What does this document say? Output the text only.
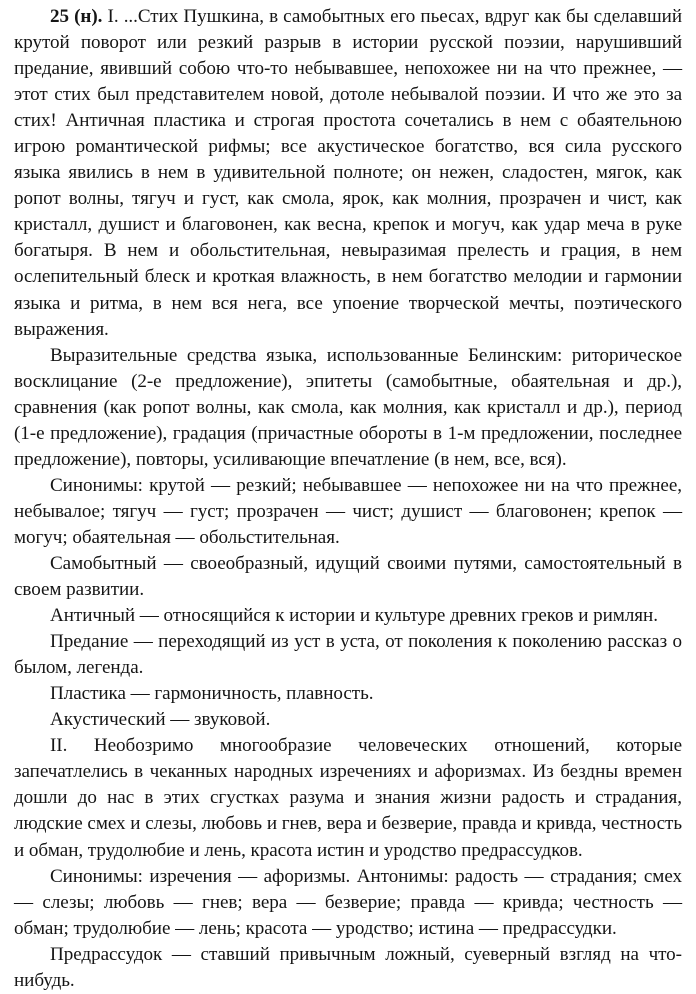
25 (н). I. ...Стих Пушкина, в самобытных его пьесах, вдруг как бы сделавший крутой поворот или резкий разрыв в истории русской поэзии, нарушивший предание, явивший собою что-то небывавшее, непохожее ни на что прежнее, — этот стих был представителем новой, дотоле небывалой поэзии. И что же это за стих! Античная пластика и строгая простота сочетались в нем с обаятельною игрою романтической рифмы; все акустическое богатство, вся сила русского языка явились в нем в удивительной полноте; он нежен, сладостен, мягок, как ропот волны, тягуч и густ, как смола, ярок, как молния, прозрачен и чист, как кристалл, душист и благовонен, как весна, крепок и могуч, как удар меча в руке богатыря. В нем и обольстительная, невыразимая прелесть и грация, в нем ослепительный блеск и кроткая влажность, в нем богатство мелодии и гармонии языка и ритма, в нем вся нега, все упоение творческой мечты, поэтического выражения.

Выразительные средства языка, использованные Белинским: риторическое восклицание (2-е предложение), эпитеты (самобытные, обаятельная и др.), сравнения (как ропот волны, как смола, как молния, как кристалл и др.), период (1-е предложение), градация (причастные обороты в 1-м предложении, последнее предложение), повторы, усиливающие впечатление (в нем, все, вся).

Синонимы: крутой — резкий; небывавшее — непохожее ни на что прежнее, небывалое; тягуч — густ; прозрачен — чист; душист — благовонен; крепок — могуч; обаятельная — обольстительная.

Самобытный — своеобразный, идущий своими путями, самостоятельный в своем развитии.

Античный — относящийся к истории и культуре древних греков и римлян.

Предание — переходящий из уст в уста, от поколения к поколению рассказ о былом, легенда.

Пластика — гармоничность, плавность.

Акустический — звуковой.

II. Необозримо многообразие человеческих отношений, которые запечатлелись в чеканных народных изречениях и афоризмах. Из бездны времен дошли до нас в этих сгустках разума и знания жизни радость и страдания, людские смех и слезы, любовь и гнев, вера и безверие, правда и кривда, честность и обман, трудолюбие и лень, красота истин и уродство предрассудков.

Синонимы: изречения — афоризмы. Антонимы: радость — страдания; смех — слезы; любовь — гнев; вера — безверие; правда — кривда; честность — обман; трудолюбие — лень; красота — уродство; истина — предрассудки.

Предрассудок — ставший привычным ложный, суеверный взгляд на что-нибудь.
